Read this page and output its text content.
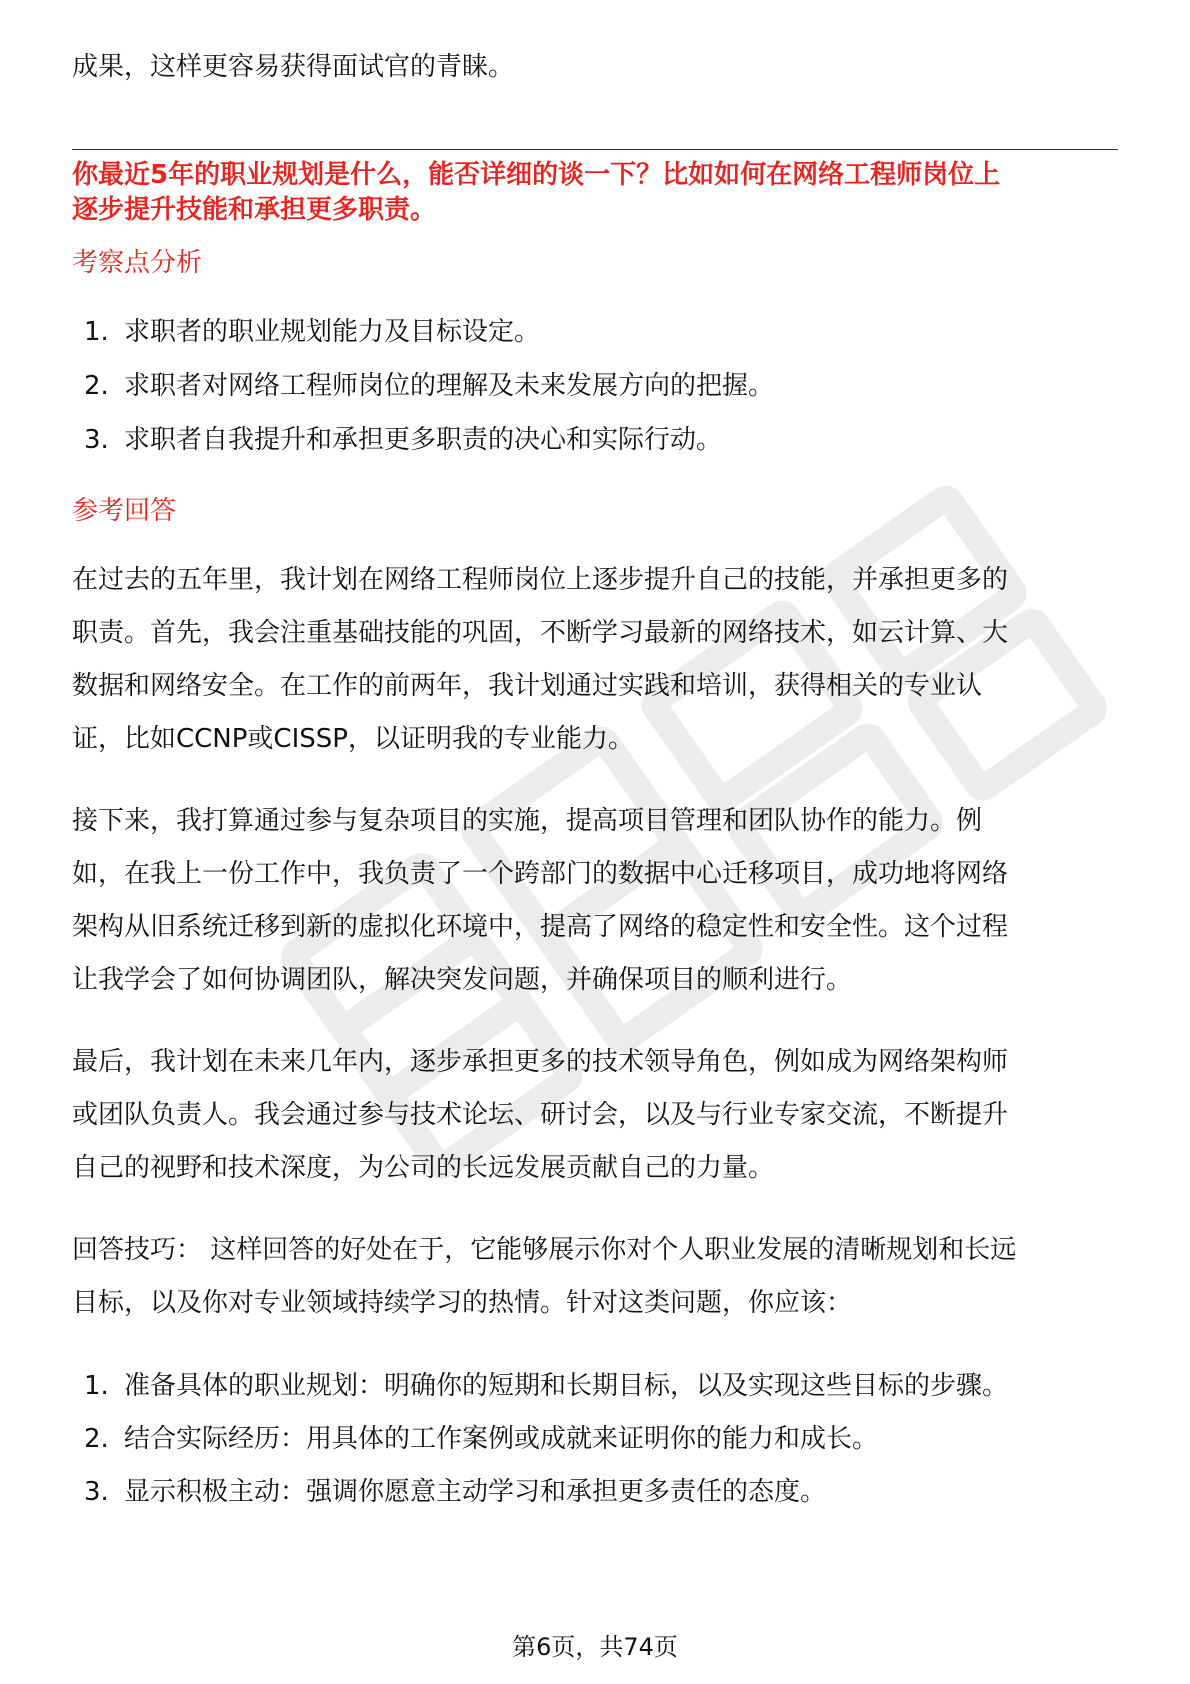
成果，这样更容易获得面试官的青睐。
你最近5年的职业规划是什么，能否详细的谈一下？比如如何在网络工程师岗位上
逐步提升技能和承担更多职责。
考察点分析
1. 求职者的职业规划能力及目标设定。
2. 求职者对网络工程师岗位的理解及未来发展方向的把握。
3. 求职者自我提升和承担更多职责的决心和实际行动。
参考回答
在过去的五年里，我计划在网络工程师岗位上逐步提升自己的技能，并承担更多的
职责。首先，我会注重基础技能的巩固，不断学习最新的网络技术，如云计算、大
数据和网络安全。在工作的前两年，我计划通过实践和培训，获得相关的专业认
证，比如CCNP或CISSP，以证明我的专业能力。
接下来，我打算通过参与复杂项目的实施，提高项目管理和团队协作的能力。例
如，在我上一份工作中，我负责了一个跨部门的数据中心迁移项目，成功地将网络
架构从旧系统迁移到新的虚拟化环境中，提高了网络的稳定性和安全性。这个过程
让我学会了如何协调团队，解决突发问题，并确保项目的顺利进行。
最后，我计划在未来几年内，逐步承担更多的技术领导角色，例如成为网络架构师
或团队负责人。我会通过参与技术论坛、研讨会，以及与行业专家交流，不断提升
自己的视野和技术深度，为公司的长远发展贡献自己的力量。
回答技巧： 这样回答的好处在于，它能够展示你对个人职业发展的清晰规划和长远
目标，以及你对专业领域持续学习的热情。针对这类问题，你应该：
1. 准备具体的职业规划：明确你的短期和长期目标，以及实现这些目标的步骤。
2. 结合实际经历：用具体的工作案例或成就来证明你的能力和成长。
3. 显示积极主动：强调你愿意主动学习和承担更多责任的态度。
第6页，共74页
